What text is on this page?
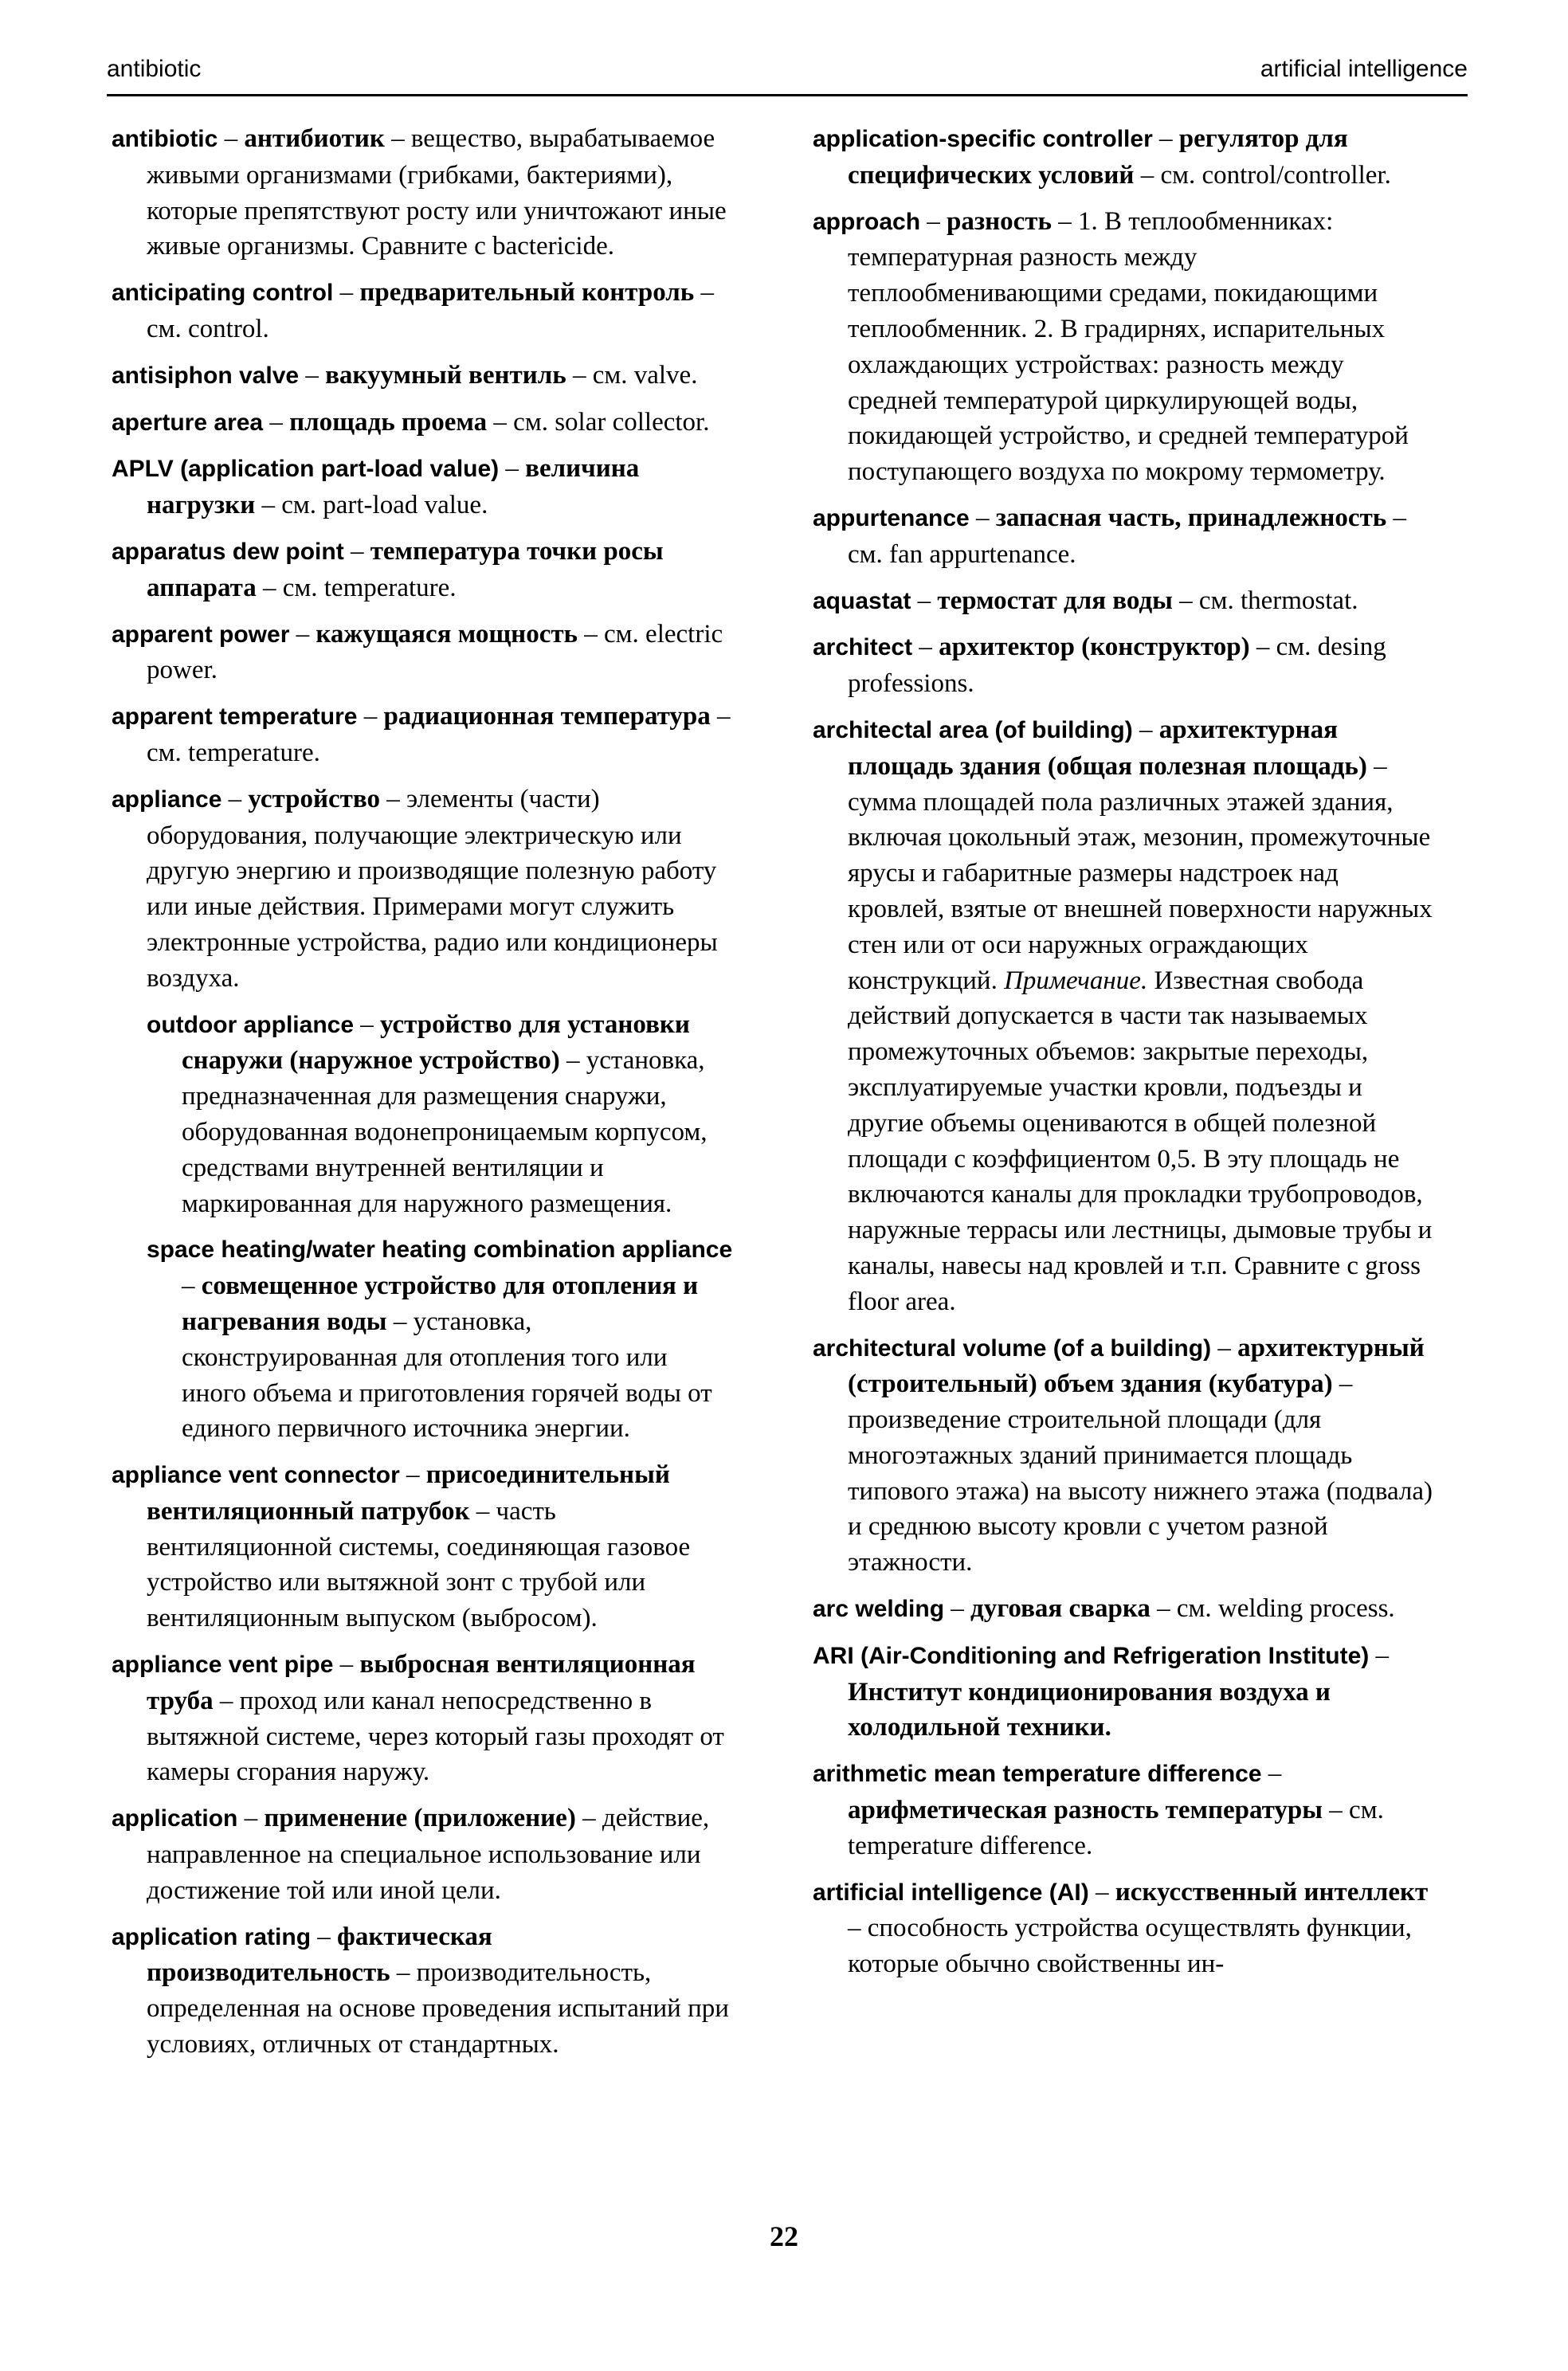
antibiotic	artificial intelligence

antibiotic – антибиотик – вещество, вырабатываемое живыми организмами (грибками, бактериями), которые препятствуют росту или уничтожают иные живые организмы. Сравните с bactericide.

anticipating control – предварительный контроль – см. control.

antisiphon valve – вакуумный вентиль – см. valve.

aperture area – площадь проема – см. solar collector.

APLV (application part-load value) – величина нагрузки – см. part-load value.

apparatus dew point – температура точки росы аппарата – см. temperature.

apparent power – кажущаяся мощность – см. electric power.

apparent temperature – радиационная температура – см. temperature.

appliance – устройство – элементы (части) оборудования, получающие электрическую или другую энергию и производящие полезную работу или иные действия. Примерами могут служить электронные устройства, радио или кондиционеры воздуха.

outdoor appliance – устройство для установки снаружи (наружное устройство) – установка, предназначенная для размещения снаружи, оборудованная водонепроницаемым корпусом, средствами внутренней вентиляции и маркированная для наружного размещения.

space heating/water heating combination appliance – совмещенное устройство для отопления и нагревания воды – установка, сконструированная для отопления того или иного объема и приготовления горячей воды от единого первичного источника энергии.

appliance vent connector – присоединительный вентиляционный патрубок – часть вентиляционной системы, соединяющая газовое устройство или вытяжной зонт с трубой или вентиляционным выпуском (выбросом).

appliance vent pipe – выбросная вентиляционная труба – проход или канал непосредственно в вытяжной системе, через который газы проходят от камеры сгорания наружу.

application – применение (приложение) – действие, направленное на специальное использование или достижение той или иной цели.

application rating – фактическая производительность – производительность, определенная на основе проведения испытаний при условиях, отличных от стандартных.

application-specific controller – регулятор для специфических условий – см. control/controller.

approach – разность – 1. В теплообменниках: температурная разность между теплообменивающими средами, покидающими теплообменник. 2. В градирнях, испарительных охлаждающих устройствах: разность между средней температурой циркулирующей воды, покидающей устройство, и средней температурой поступающего воздуха по мокрому термометру.

appurtenance – запасная часть, принадлежность – см. fan appurtenance.

aquastat – термостат для воды – см. thermostat.

architect – архитектор (конструктор) – см. desing professions.

architectal area (of building) – архитектурная площадь здания (общая полезная площадь) – сумма площадей пола различных этажей здания, включая цокольный этаж, мезонин, промежуточные ярусы и габаритные размеры надстроек над кровлей, взятые от внешней поверхности наружных стен или от оси наружных ограждающих конструкций. Примечание. Известная свобода действий допускается в части так называемых промежуточных объемов: закрытые переходы, эксплуатируемые участки кровли, подъезды и другие объемы оцениваются в общей полезной площади с коэффициентом 0,5. В эту площадь не включаются каналы для прокладки трубопроводов, наружные террасы или лестницы, дымовые трубы и каналы, навесы над кровлей и т.п. Сравните с gross floor area.

architectural volume (of a building) – архитектурный (строительный) объем здания (кубатура) – произведение строительной площади (для многоэтажных зданий принимается площадь типового этажа) на высоту нижнего этажа (подвала) и среднюю высоту кровли с учетом разной этажности.

arc welding – дуговая сварка – см. welding process.

ARI (Air-Conditioning and Refrigeration Institute) – Институт кондиционирования воздуха и холодильной техники.

arithmetic mean temperature difference – арифметическая разность температуры – см. temperature difference.

artificial intelligence (AI) – искусственный интеллект – способность устройства осуществлять функции, которые обычно свойственны ин-

22
